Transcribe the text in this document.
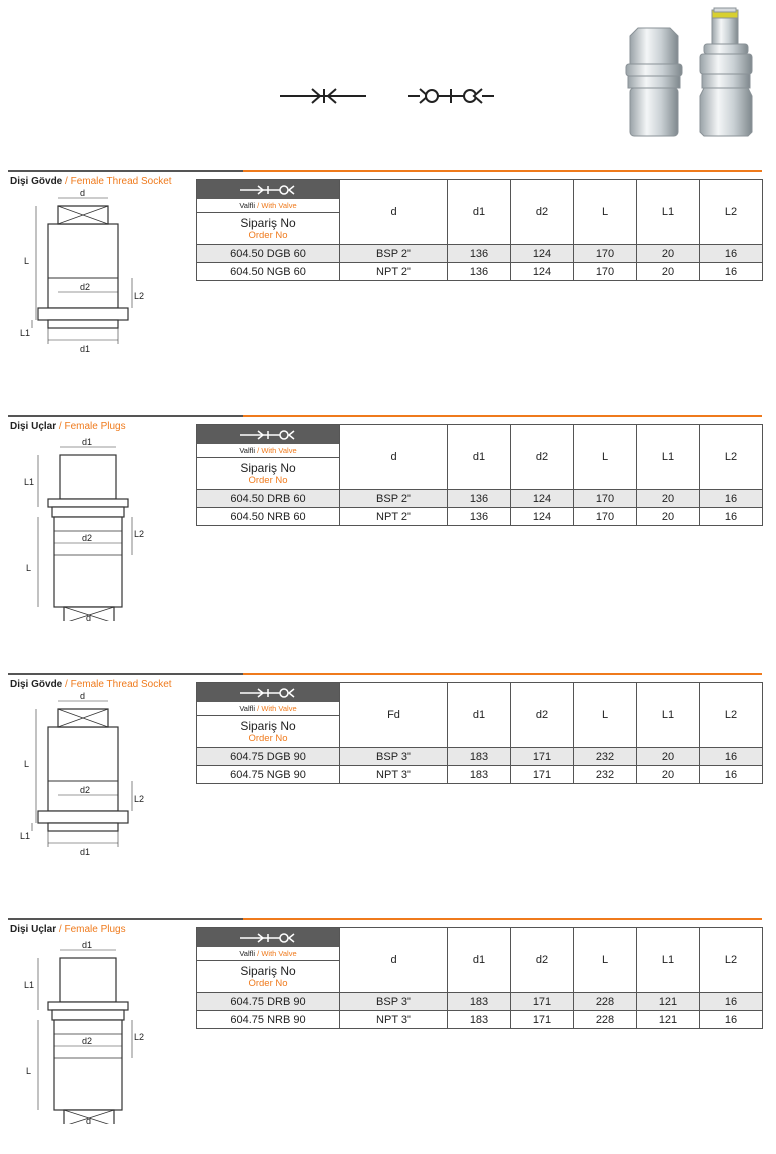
Dişi Gövde / Female Thread Socket
d
d2
d1
L
L2
L1
Valfli / With Valve
Sipariş No
Order No	d	d1	d2	L	L1	L2
604.50 DGB 60	BSP 2"	136	124	170	20	16
604.50 NGB 60	NPT 2"	136	124	170	20	16
Dişi Uçlar / Female Plugs
d1
d2
d
L
L1
L2
Valfli / With Valve
Sipariş No
Order No	d	d1	d2	L	L1	L2
604.50 DRB 60	BSP 2"	136	124	170	20	16
604.50 NRB 60	NPT 2"	136	124	170	20	16
Dişi Gövde / Female Thread Socket
d
d2
d1
L
L2
L1
Valfli / With Valve
Sipariş No
Order No	Fd	d1	d2	L	L1	L2
604.75 DGB 90	BSP 3"	183	171	232	20	16
604.75 NGB 90	NPT 3"	183	171	232	20	16
Dişi Uçlar / Female Plugs
d1
d2
d
L
L1
L2
Valfli / With Valve
Sipariş No
Order No	d	d1	d2	L	L1	L2
604.75 DRB 90	BSP 3"	183	171	228	121	16
604.75 NRB 90	NPT 3"	183	171	228	121	16
